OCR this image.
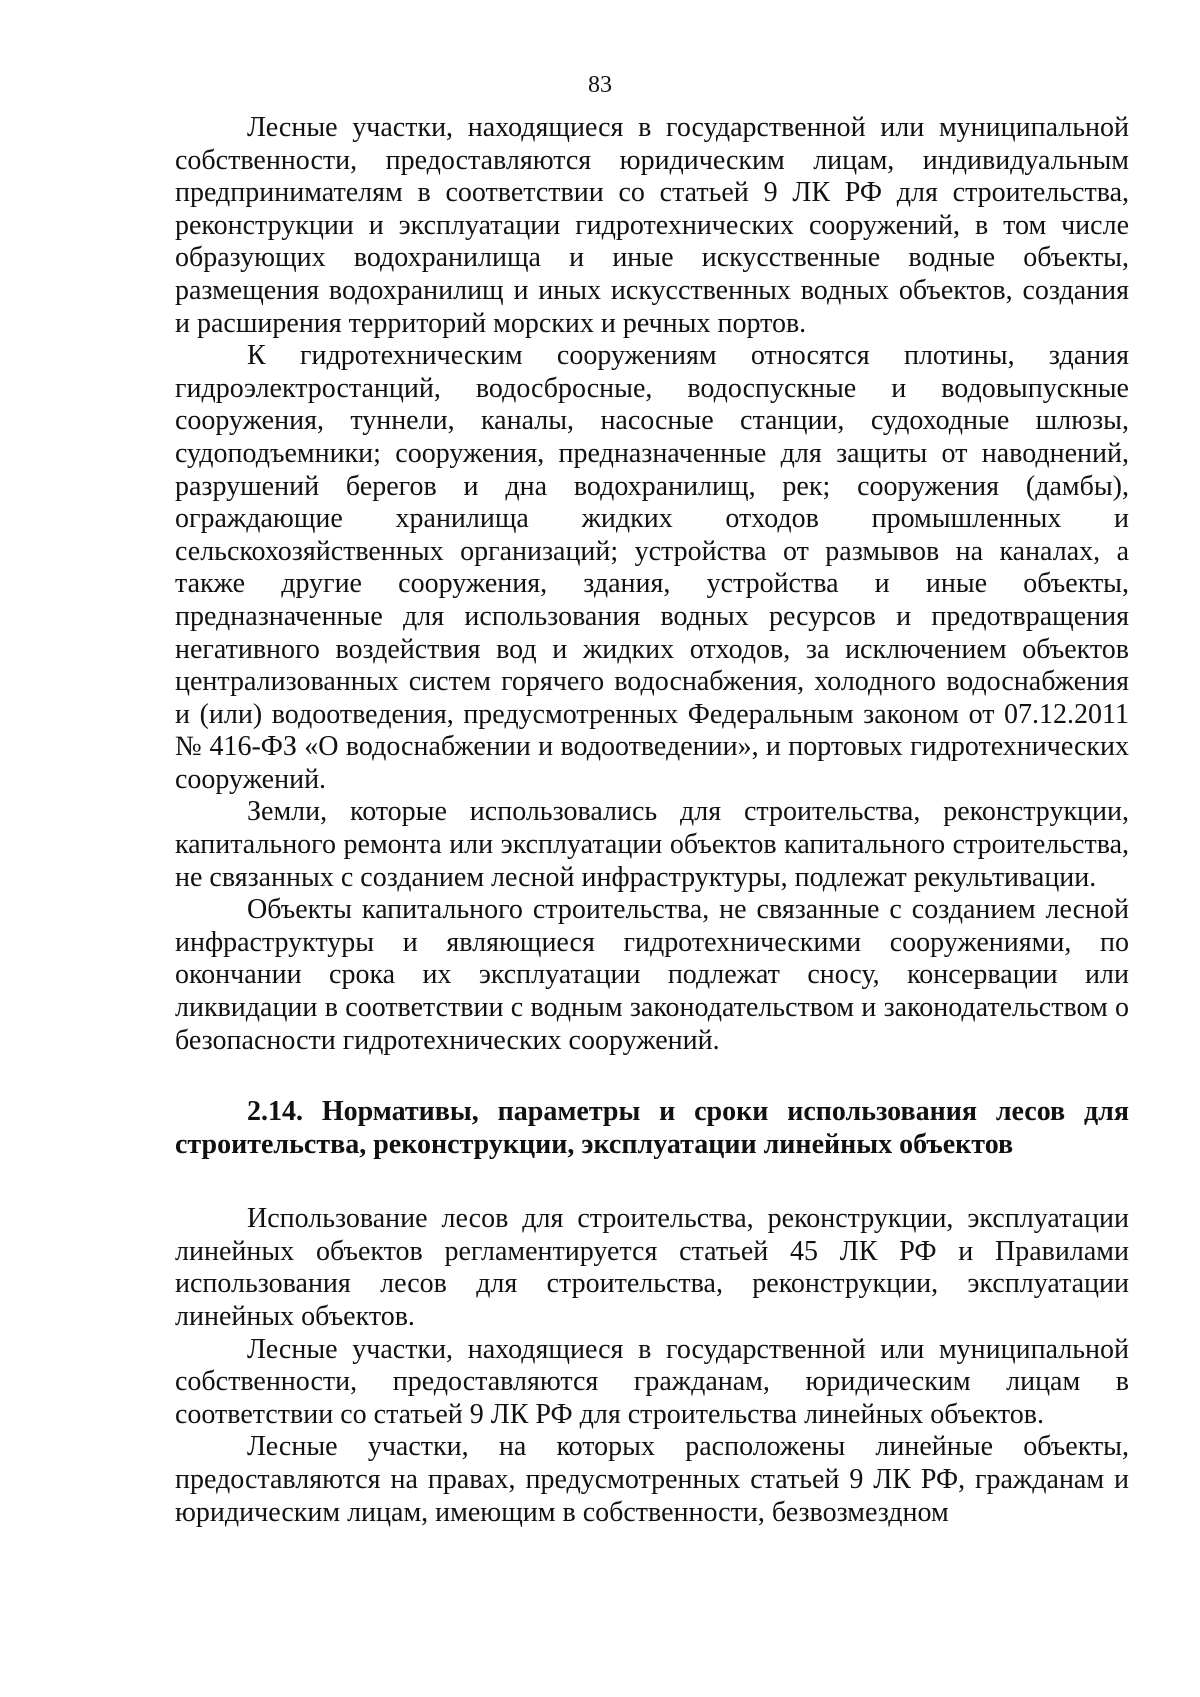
83

Лесные участки, находящиеся в государственной или муниципальной собственности, предоставляются юридическим лицам, индивидуальным предпринимателям в соответствии со статьей 9 ЛК РФ для строительства, реконструкции и эксплуатации гидротехнических сооружений, в том числе образующих водохранилища и иные искусственные водные объекты, размещения водохранилищ и иных искусственных водных объектов, создания и расширения территорий морских и речных портов.

К гидротехническим сооружениям относятся плотины, здания гидроэлектростанций, водосбросные, водоспускные и водовыпускные сооружения, туннели, каналы, насосные станции, судоходные шлюзы, судоподъемники; сооружения, предназначенные для защиты от наводнений, разрушений берегов и дна водохранилищ, рек; сооружения (дамбы), ограждающие хранилища жидких отходов промышленных и сельскохозяйственных организаций; устройства от размывов на каналах, а также другие сооружения, здания, устройства и иные объекты, предназначенные для использования водных ресурсов и предотвращения негативного воздействия вод и жидких отходов, за исключением объектов централизованных систем горячего водоснабжения, холодного водоснабжения и (или) водоотведения, предусмотренных Федеральным законом от 07.12.2011 № 416-ФЗ «О водоснабжении и водоотведении», и портовых гидротехнических сооружений.

Земли, которые использовались для строительства, реконструкции, капитального ремонта или эксплуатации объектов капитального строительства, не связанных с созданием лесной инфраструктуры, подлежат рекультивации.

Объекты капитального строительства, не связанные с созданием лесной инфраструктуры и являющиеся гидротехническими сооружениями, по окончании срока их эксплуатации подлежат сносу, консервации или ликвидации в соответствии с водным законодательством и законодательством о безопасности гидротехнических сооружений.

2.14. Нормативы, параметры и сроки использования лесов для строительства, реконструкции, эксплуатации линейных объектов

Использование лесов для строительства, реконструкции, эксплуатации линейных объектов регламентируется статьей 45 ЛК РФ и Правилами использования лесов для строительства, реконструкции, эксплуатации линейных объектов.

Лесные участки, находящиеся в государственной или муниципальной собственности, предоставляются гражданам, юридическим лицам в соответствии со статьей 9 ЛК РФ для строительства линейных объектов.

Лесные участки, на которых расположены линейные объекты, предоставляются на правах, предусмотренных статьей 9 ЛК РФ, гражданам и юридическим лицам, имеющим в собственности, безвозмездном
